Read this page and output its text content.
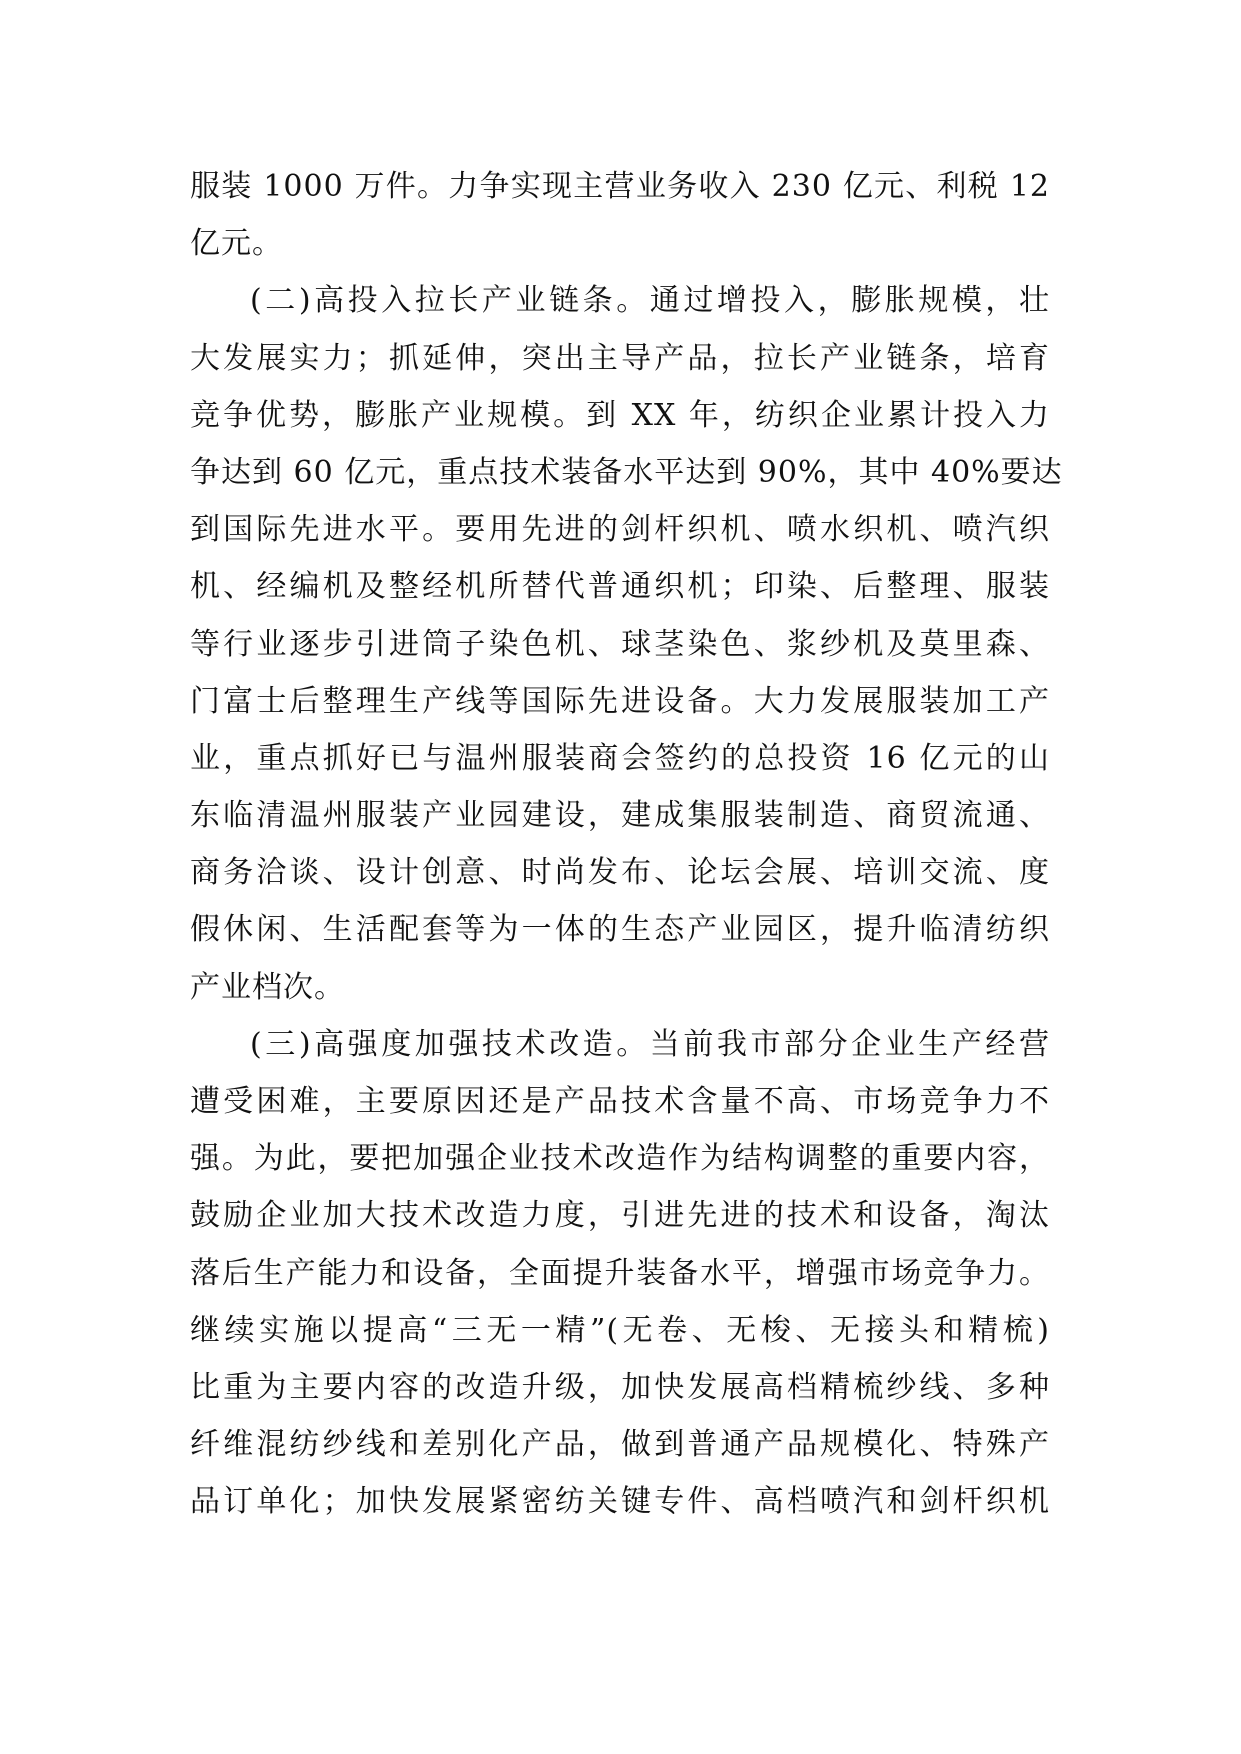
服装 1000 万件。力争实现主营业务收入 230 亿元、利税 12
亿元。
(二)高投入拉长产业链条。通过增投入，膨胀规模，壮
大发展实力；抓延伸，突出主导产品，拉长产业链条，培育
竞争优势，膨胀产业规模。到 XX 年，纺织企业累计投入力
争达到 60 亿元，重点技术装备水平达到 90%，其中 40%要达
到国际先进水平。要用先进的剑杆织机、喷水织机、喷汽织
机、经编机及整经机所替代普通织机；印染、后整理、服装
等行业逐步引进筒子染色机、球茎染色、浆纱机及莫里森、
门富士后整理生产线等国际先进设备。大力发展服装加工产
业，重点抓好已与温州服装商会签约的总投资 16 亿元的山
东临清温州服装产业园建设，建成集服装制造、商贸流通、
商务洽谈、设计创意、时尚发布、论坛会展、培训交流、度
假休闲、生活配套等为一体的生态产业园区，提升临清纺织
产业档次。
(三)高强度加强技术改造。当前我市部分企业生产经营
遭受困难，主要原因还是产品技术含量不高、市场竞争力不
强。为此，要把加强企业技术改造作为结构调整的重要内容，
鼓励企业加大技术改造力度，引进先进的技术和设备，淘汰
落后生产能力和设备，全面提升装备水平，增强市场竞争力。
继续实施以提高“三无一精”(无卷、无梭、无接头和精梳)
比重为主要内容的改造升级，加快发展高档精梳纱线、多种
纤维混纺纱线和差别化产品，做到普通产品规模化、特殊产
品订单化；加快发展紧密纺关键专件、高档喷汽和剑杆织机
